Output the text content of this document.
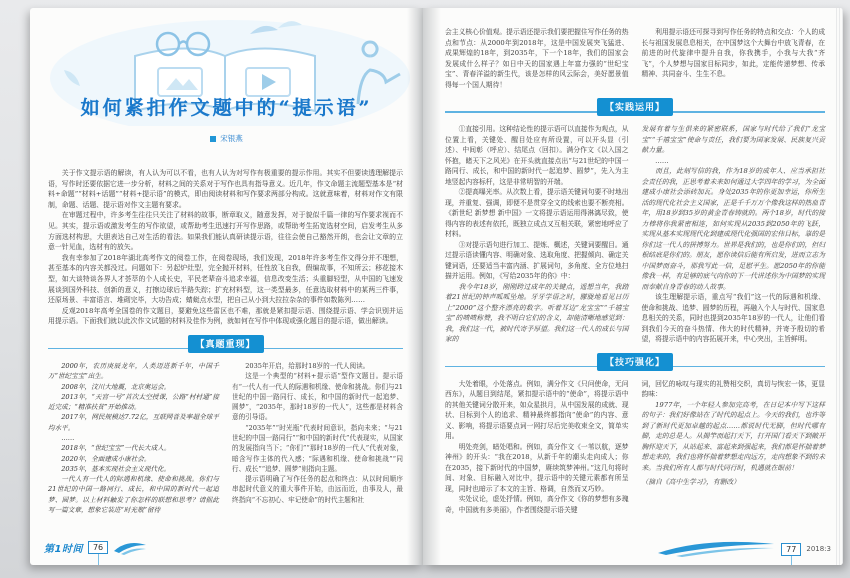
如何紧扣作文题中的“提示语”
宋银燕

关于作文提示语的解读，有人认为可以不看，也有人认为对写作有极重要的提示作用。其实不但要读透理解提示语，写作时还要依据它进一步分析，材料之间的关系对于写作也具有指导意义。近几年，作文命题主流题型基本是“材料+命题”“材料+话题”“材料+提示语”的模式，即由阅读材料和写作要求两部分构成。这就意味着，材料对作文有限制，命题、话题、提示语对作文主题有要求。

在审题过程中，许多考生往往只关注了材料的故事，断章取义，随意发挥，对于貌似千篇一律的写作要求视而不见。其实，提示语或激发考生的写作欲望，或帮助考生迅速打开写作思路，或帮助考生拓宽选材空间，启发考生从多方面选材构思，大胆表达自己对生活的看法。如果我们能认真研读提示语，往往会使自己豁然开朗，也会让文章的立意一针见血，选材有的放矢。

我有幸参加了2018年湖北高考作文的阅卷工作，在阅卷现场，我们发现，2018年许多考生作文得分并不理想，甚至基本的内容关都没过。问题如下：另起炉灶型，完全抛开材料，任性放飞自我，假编故事，不知所云；移花接木型，如大谈特谈各界人才荟萃的个人成长史，平民老辈奋斗追求幸福，信息改变生活；头重脚轻型，从中国的飞速发展谈到国外科技、创新的意义，打擦边球后半路失踪；扩充材料型，这一类型最多，任意选取材料中的某两三件事，还原场景、丰富语言、堆砌完毕，大功告成；蜻蜓点水型，把自己从小到大拉拉杂杂的事件如数陈列……

反观2018年高考全国卷的作文题目，要避免这些雷区也不难，那就是紧扣提示语、围绕提示语、学会识别并运用提示语。下面我们就以此次作文试题的材料及佳作为例，就如何在写作中体现或强化题目的提示语，做出解读。

【真题重现】

2000年，农历庚辰龙年，人类迈进新千年，中国千万“世纪宝宝”出生。

2008年，汶川大地震，北京奥运会。

2013年，“天宫一号”首次太空授课，公路“村村通”接近完成；“精准扶贫”开始推动。

2017年，网民规模达7.72亿，互联网普及率超全球平均水平。

……

2018年，“世纪宝宝”一代长大成人。

2020年，全面建成小康社会。

2035年，基本实现社会主义现代化。

一代人有一代人的际遇和机缘、使命和挑战。你们与21世纪的中国一路同行、成长，和中国的新时代一起追梦、圆梦。以上材料触发了你怎样的联想和思考？请据此写一篇文章，想象它装进“时光瓶”留待

2035年开启，给那时18岁的一代人阅读。

这是一个典型的“材料+提示语”型作文题目。提示语有“一代人有一代人的际遇和机缘、使命和挑战。你们与21世纪的中国一路同行、成长，和中国的新时代一起追梦、圆梦”，“2035年，那时18岁的一代人”，这些都是材料含意的引导语。

“2035年”“时光瓶”代表时间意识，指向未来；“与21世纪的中国一路同行”“和中国的新时代”代表现实，从国家的发展指向当下；“你们”“那时18岁的一代人”代表对象，暗含写作主体的代入感；“际遇和机缘、使命和挑战”“同行、成长”“追梦、圆梦”则指向主题。

提示语明确了写作任务的起点和终点：从以时间顺序串起时代意义的重大事件开始，由远而近，由事及人，最终指向“不忘初心、牢记使命”的时代主题和社

第1时间	76

会主义核心价值观。提示语还提示我们要把握住写作任务的热点和节点：从2000年到2018年，这是中国发展突飞猛进、成果辉煌的18年，到2035年，下一个18年，我们的国家会发展成什么样子？如日中天的国家遇上年富力强的“世纪宝宝”、青春洋溢的新生代，该是怎样的风云际会，美好愿景值得每一个国人期待！

利用提示语还可探寻到写作任务的特点和交点：个人的成长与祖国发展息息相关，在中国梦这个大舞台中放飞青春，在前进的时代旋律中提升自我，你我携手，小我与大我“齐飞”，个人梦想与国家目标同步，如此，定能传递梦想、传承精神、共同奋斗、生生不息。

【实践运用】

①直接引用。这种结论性的提示语可以直接作为观点，从位置上看，关键处、醒目处应有所设置，可以开头显（引述）、中间彰（呼应）、结尾点（回扣）。满分作文《以入国之怀抱，睹天下之风光》在开头就直接点出“与21世纪的中国一路同行、成长，和中国的新时代一起追梦、圆梦”，先入为主地竖起内容标杆，这是非常明智的开端。

②提高曝光率。从次数上看，提示语关键词句要不时地出现，并重复、强调，即便不是贯穿全文的线索也要不断亮相。《新世纪 新梦想 新中国》一文将提示语运用得淋漓尽致，使得内容的表述有依托，既独立成点又互相关联，紧密地呼应了材料。

③对提示语句进行加工、提炼、概述，关键词要醒目。通过提示语读懂内容、明确对象、选取角度、把握倾向、确定关键词语，还要适当丰富内涵、扩展词句，多角度、全方位地扫描并运用。例如，《写给2035年的你》中：

我今年18岁，刚刚跨过成年的关键点，遥想当年，我踏着21世纪的钟声呱呱坠地。牙牙学语之时，朦胧地看见日历上“2000”这个整齐漂亮的数字。听着耳边“龙宝宝”“千禧宝宝”的啧啧称赞，我不明白它们的含义，却能清晰地感觉到：我，我们这一代，被时代寄予厚望。我们这一代人的成长与国家的

发展有着与生俱来的紧密联系，国家与时代给了我们“龙宝宝”“千禧宝宝”使命与责任，我们要为国家发展、民族复兴贡献力量。

……

而且，此刻写信的我，作为18岁的成年人、应当承担社会责任的我，正思考着未来如何通过大学四年的学习，为全面建成小康社会添砖加瓦。身处2035年的你更加幸运，你所生活的现代化社会主义国家，正是千千万万个像我这样的热血青年，用18岁到35岁的黄金青春铸就的。两个18岁，时代的接力棒将你我紧密相连，如何实现从2035到2050年的飞跃，实现从基本实现现代化到建成现代化强国的宏伟目标，靠的是你们这一代人的拼搏努力。世界是我们的，也是你们的，但归根结底是你们的。朋友，愿你读信后能有所启发，进而立志为中国梦而奋斗，那我写此一信，足慰平生。愿2050年的你能像我一样，有足够的底气向你的下一代讲述你为中国梦的实现而奉献自身青春的动人故事。

该生理解提示语，重点写“我们”这一代的际遇和机缘、使命和挑战、追梦、圆梦的历程，再融入个人与时代、国家息息相关的关系，同时也提到2035年18岁的一代人，让他们看到我们今天的奋斗热情、伟大的时代精神，并寄予殷切的希望，将提示语中的内容拓展开来，中心突出，主旨鲜明。

【技巧强化】

大处着眼，小处落点。例如，满分作文《只问使命，无问西东》，从题目到结尾，紧扣提示语中的“使命”，将提示语中的其他关键词分散开来，如众星拱月，从中国发展的成就、现状、目标到个人的追求、精神最终都指向“使命”的内容、意义、影响，将提示语要点词一网打尽后完美收束全文，简单实用。

明处亮剑，暗处唱和。例如，高分作文《一苇以航，逐梦神州》的开头：“我在2018，从新千年的潮头走向成人；你在2035，接下新时代的中国梦，赓续筑梦神州。”这几句将时间、对象、目标融入对比中，提示语中的关键元素都有所呈现，同时也暗示了本文的主旨、格调，自然而又巧妙。

实处议论，虚处抒情。例如，高分作文《你的梦想有多瑰奇，中国就有多美丽》，作者围绕提示语关键

词，回忆的咏叹与现实的礼赞相交织，真切与恢宏一体，更显韵味：

1977年，一个年轻人参加完高考，在日记本中写下这样的句子：我们好像站在了时代的起点上。今天的我们，也许等到了新时代更加卓越的起点……都说时代无脚，但时代哪有脚，走的总是人。从揭竿而起打天下，打开国门看天下到敞开胸怀迎天下，从站起来、富起来到强起来，我们都是怀揣着梦想走来的，我们也将怀揣着梦想走向远方，走向想象不到的未来。当我们所有人都与时代同行时，机遇就在眼前！

（摘自《高中生学习》，有删改）

77	2018:3
